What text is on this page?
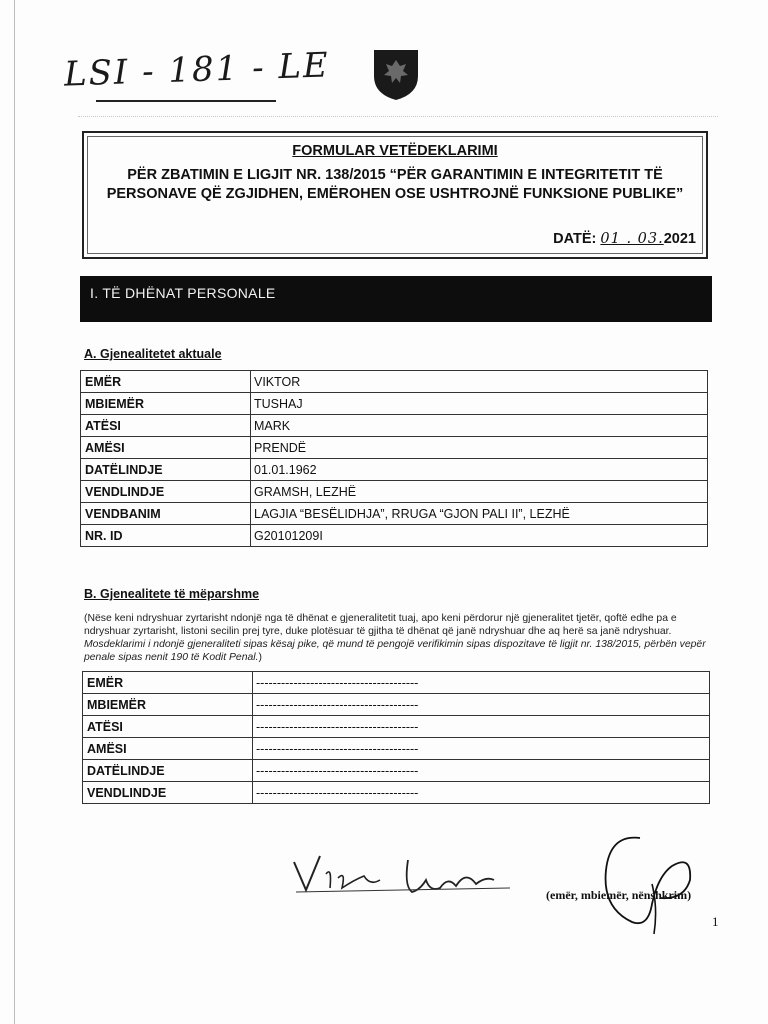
LSI - 181 - LE
FORMULAR VETËDEKLARIMI
PËR ZBATIMIN E LIGJIT NR. 138/2015 “PËR GARANTIMIN E INTEGRITETIT TË PERSONAVE QË ZGJIDHEN, EMËROHEN OSE USHTROJNË FUNKSIONE PUBLIKE”
DATË: 01 . 03.2021
I. TË DHËNAT PERSONALE
A. Gjenealitetet aktuale
EMËR	VIKTOR
MBIEMËR	TUSHAJ
ATËSI	MARK
AMËSI	PRENDË
DATËLINDJE	01.01.1962
VENDLINDJE	GRAMSH, LEZHË
VENDBANIM	LAGJIA “BESËLIDHJA”, RRUGA “GJON PALI II”, LEZHË
NR. ID	G20101209I
B. Gjenealitete të mëparshme
(Nëse keni ndryshuar zyrtarisht ndonjë nga të dhënat e gjeneralitetit tuaj, apo keni përdorur një gjeneralitet tjetër, qoftë edhe pa e ndryshuar zyrtarisht, listoni secilin prej tyre, duke plotësuar të gjitha të dhënat që janë ndryshuar dhe aq herë sa janë ndryshuar. Mosdeklarimi i ndonjë gjeneraliteti sipas kësaj pike, që mund të pengojë verifikimin sipas dispozitave të ligjit nr. 138/2015, përbën vepër penale sipas nenit 190 të Kodit Penal.)
EMËR	---------------------------------------
MBIEMËR	---------------------------------------
ATËSI	---------------------------------------
AMËSI	---------------------------------------
DATËLINDJE	---------------------------------------
VENDLINDJE	---------------------------------------
(emër, mbiemër, nënshkrim)
1
